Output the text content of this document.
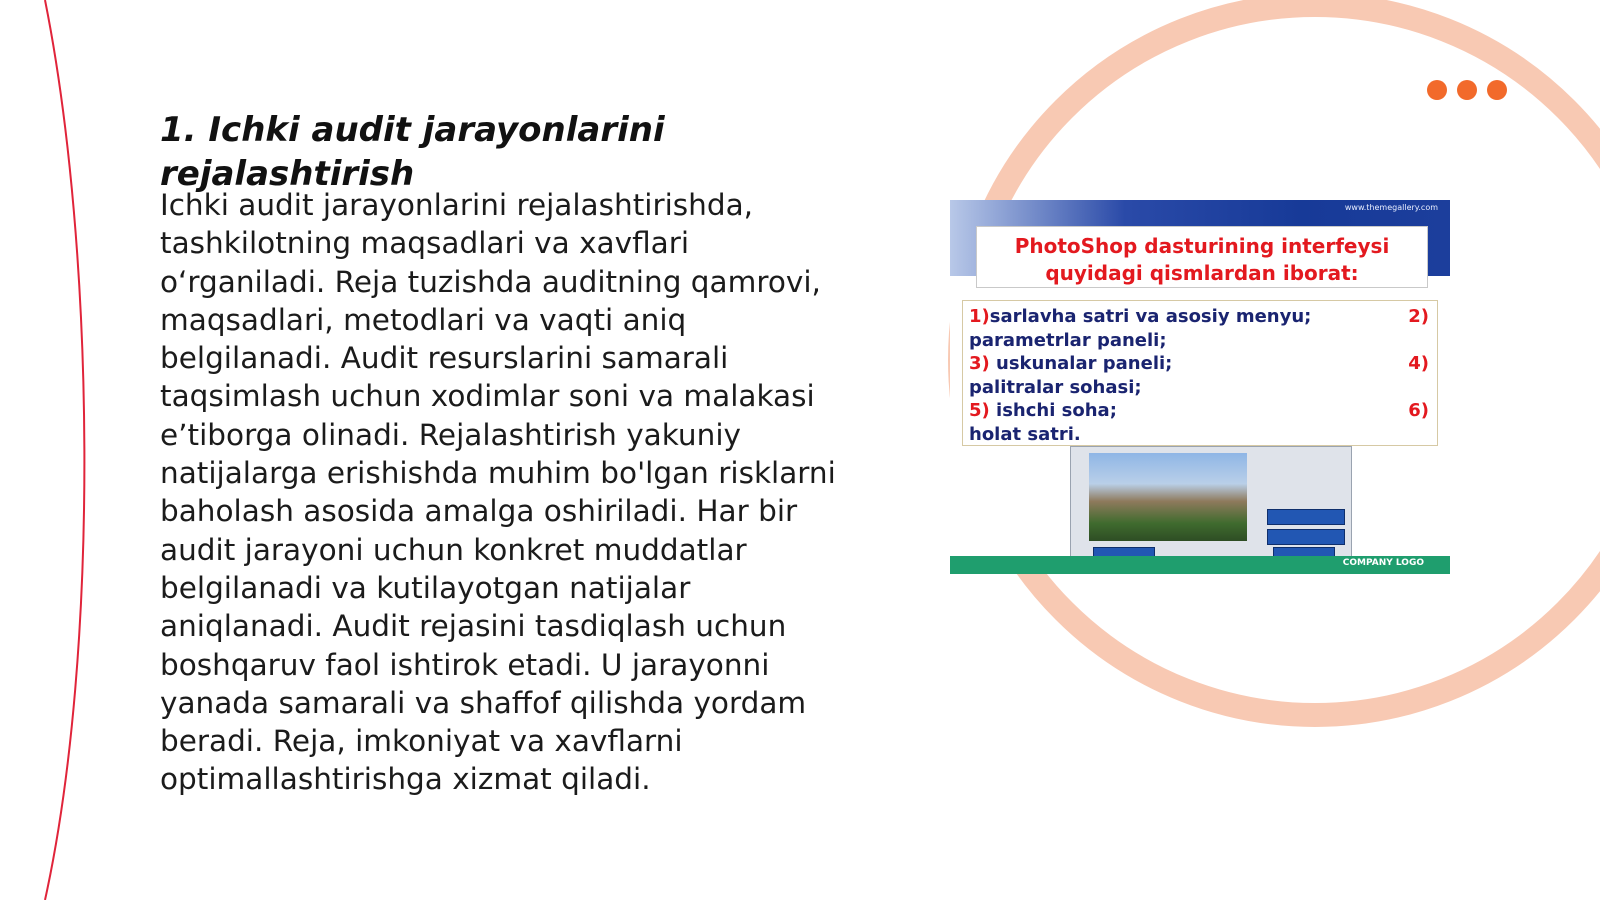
1. Ichki audit jarayonlarini rejalashtirish

Ichki audit jarayonlarini rejalashtirishda, tashkilotning maqsadlari va xavflari o‘rganiladi. Reja tuzishda auditning qamrovi, maqsadlari, metodlari va vaqti aniq belgilanadi. Audit resurslarini samarali taqsimlash uchun xodimlar soni va malakasi e’tiborga olinadi. Rejalashtirish yakuniy natijalarga erishishda muhim bo'lgan risklarni baholash asosida amalga oshiriladi. Har bir audit jarayoni uchun konkret muddatlar belgilanadi va kutilayotgan natijalar aniqlanadi. Audit rejasini tasdiqlash uchun boshqaruv faol ishtirok etadi. U jarayonni yanada samarali va shaffof qilishda yordam beradi. Reja, imkoniyat va xavflarni optimallashtirishga xizmat qiladi.

www.themegallery.com

PhotoShop dasturining interfeysi quyidagi qismlardan iborat:

1)sarlavha satri va asosiy menyu;	2)
parametrlar paneli;
3) uskunalar paneli;	4)
palitralar sohasi;
5) ishchi soha;	6)
holat satri.
COMPANY LOGO
